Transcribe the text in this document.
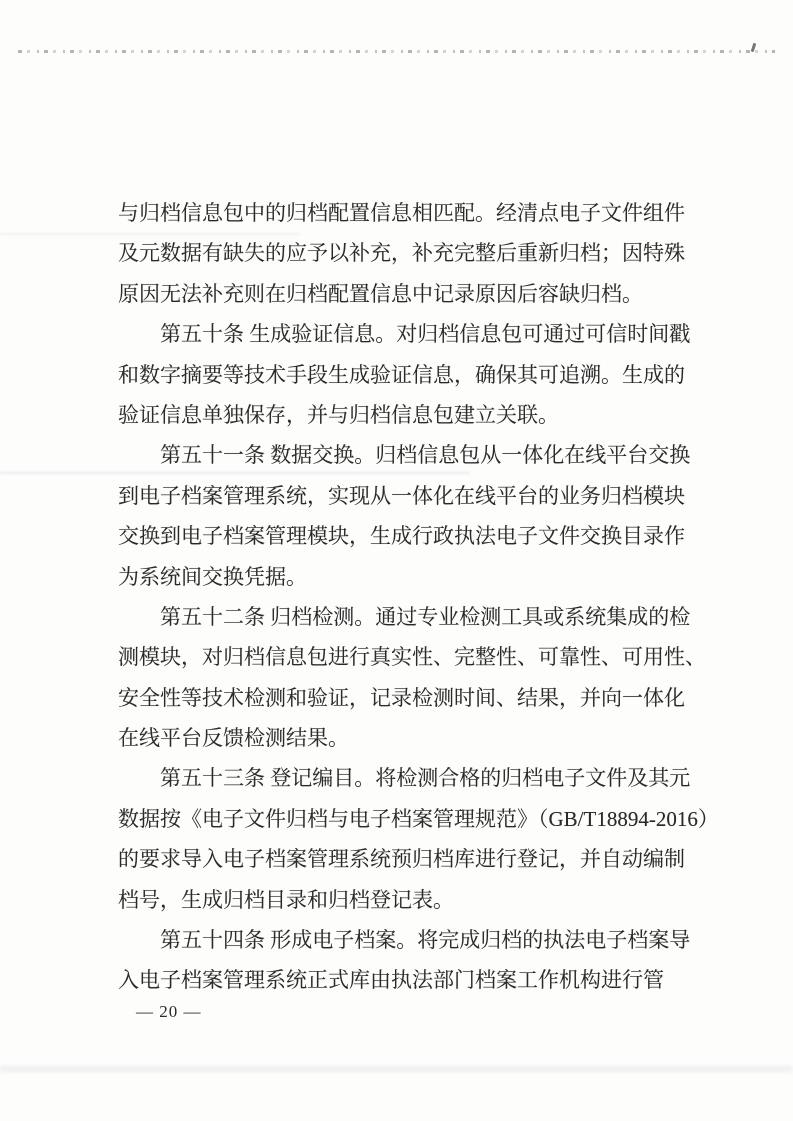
与归档信息包中的归档配置信息相匹配。经清点电子文件组件
及元数据有缺失的应予以补充，补充完整后重新归档；因特殊
原因无法补充则在归档配置信息中记录原因后容缺归档。
　　第五十条 生成验证信息。对归档信息包可通过可信时间戳
和数字摘要等技术手段生成验证信息，确保其可追溯。生成的
验证信息单独保存，并与归档信息包建立关联。
　　第五十一条 数据交换。归档信息包从一体化在线平台交换
到电子档案管理系统，实现从一体化在线平台的业务归档模块
交换到电子档案管理模块，生成行政执法电子文件交换目录作
为系统间交换凭据。
　　第五十二条 归档检测。通过专业检测工具或系统集成的检
测模块，对归档信息包进行真实性、完整性、可靠性、可用性、
安全性等技术检测和验证，记录检测时间、结果，并向一体化
在线平台反馈检测结果。
　　第五十三条 登记编目。将检测合格的归档电子文件及其元
数据按《电子文件归档与电子档案管理规范》（GB/T18894-2016）
的要求导入电子档案管理系统预归档库进行登记，并自动编制
档号，生成归档目录和归档登记表。
　　第五十四条 形成电子档案。将完成归档的执法电子档案导
入电子档案管理系统正式库由执法部门档案工作机构进行管
— 20 —
